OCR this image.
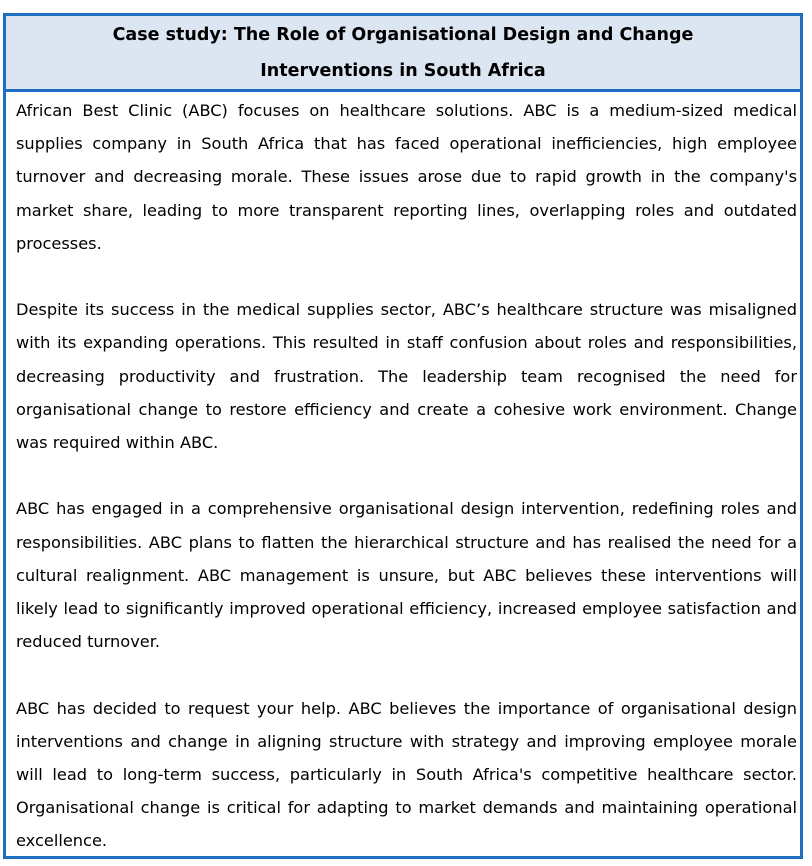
Case study: The Role of Organisational Design and Change Interventions in South Africa

African Best Clinic (ABC) focuses on healthcare solutions. ABC is a medium-sized medical supplies company in South Africa that has faced operational inefficiencies, high employee turnover and decreasing morale. These issues arose due to rapid growth in the company's market share, leading to more transparent reporting lines, overlapping roles and outdated processes.

Despite its success in the medical supplies sector, ABC’s healthcare structure was misaligned with its expanding operations. This resulted in staff confusion about roles and responsibilities, decreasing productivity and frustration. The leadership team recognised the need for organisational change to restore efficiency and create a cohesive work environment. Change was required within ABC.

ABC has engaged in a comprehensive organisational design intervention, redefining roles and responsibilities. ABC plans to flatten the hierarchical structure and has realised the need for a cultural realignment. ABC management is unsure, but ABC believes these interventions will likely lead to significantly improved operational efficiency, increased employee satisfaction and reduced turnover.

ABC has decided to request your help. ABC believes the importance of organisational design interventions and change in aligning structure with strategy and improving employee morale will lead to long-term success, particularly in South Africa's competitive healthcare sector. Organisational change is critical for adapting to market demands and maintaining operational excellence.
